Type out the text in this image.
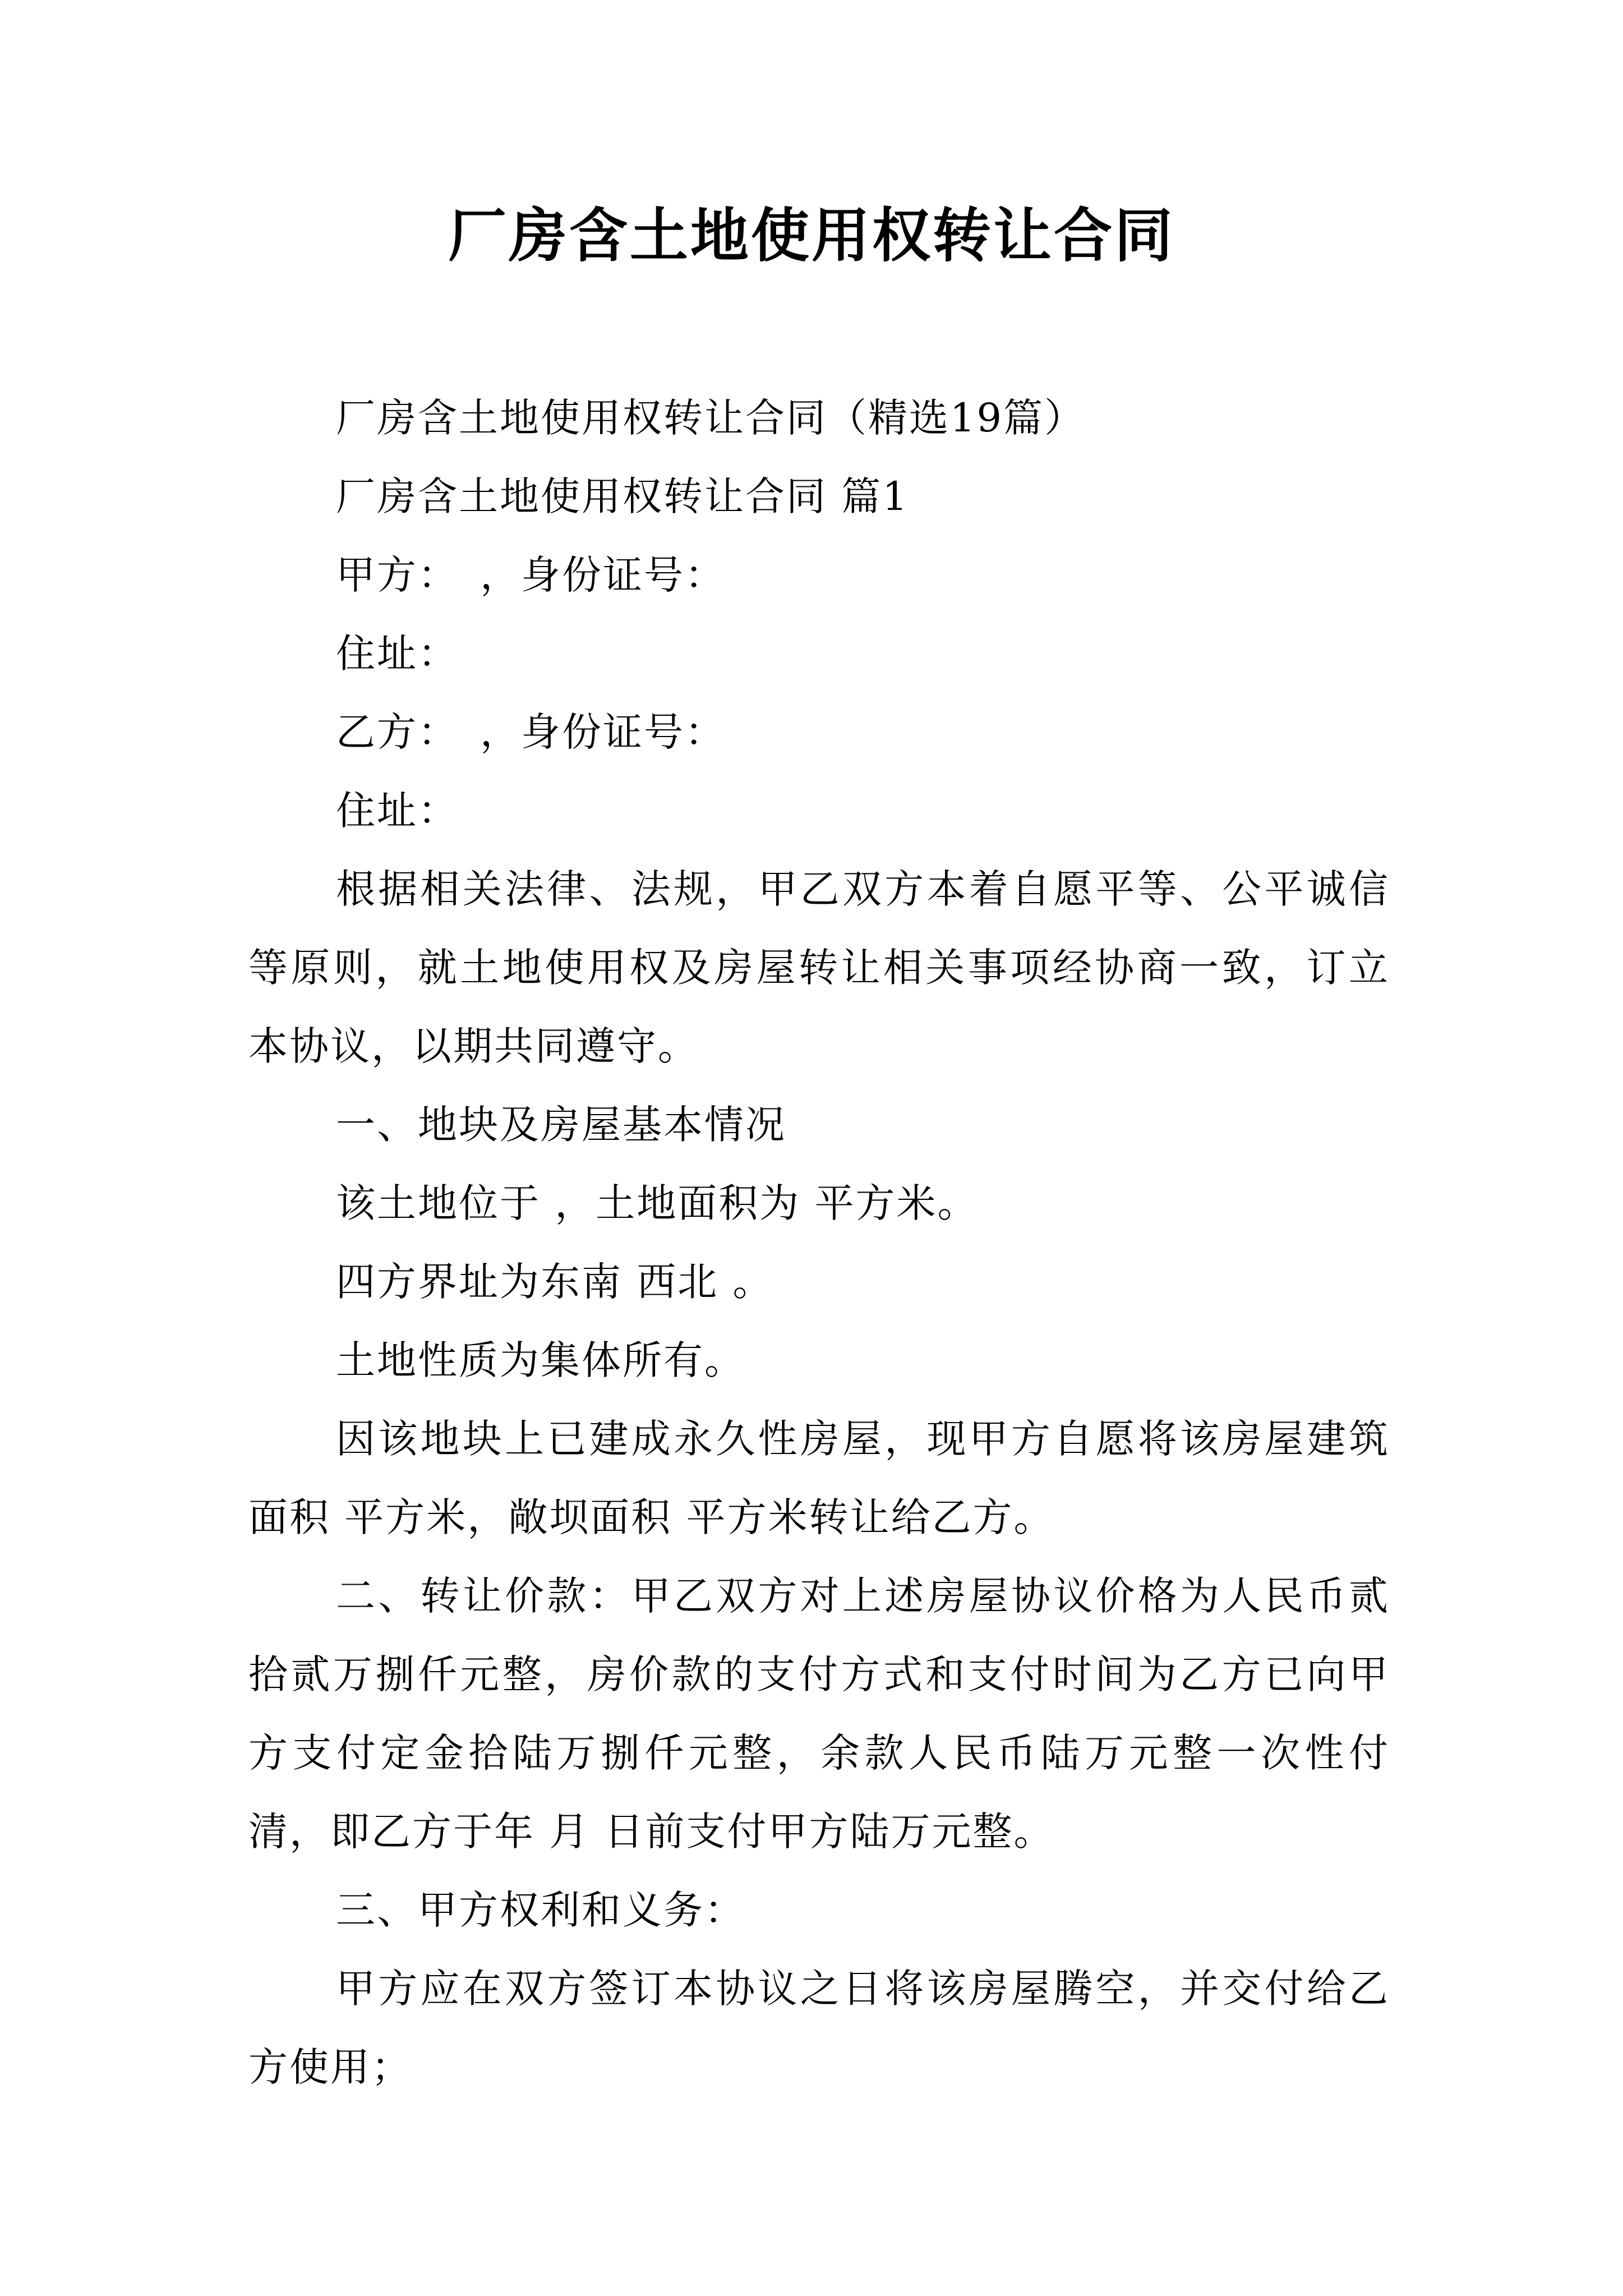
厂房含土地使用权转让合同

厂房含土地使用权转让合同（精选19篇）

厂房含土地使用权转让合同 篇1

甲方：　，身份证号：

住址：

乙方：　，身份证号：

住址：

根据相关法律、法规，甲乙双方本着自愿平等、公平诚信等原则，就土地使用权及房屋转让相关事项经协商一致，订立本协议，以期共同遵守。

一、地块及房屋基本情况

该土地位于 ，土地面积为 平方米。

四方界址为东南 西北 。

土地性质为集体所有。

因该地块上已建成永久性房屋，现甲方自愿将该房屋建筑面积 平方米，敞坝面积 平方米转让给乙方。

二、转让价款：甲乙双方对上述房屋协议价格为人民币贰拾贰万捌仟元整，房价款的支付方式和支付时间为乙方已向甲方支付定金拾陆万捌仟元整，余款人民币陆万元整一次性付清，即乙方于年 月 日前支付甲方陆万元整。

三、甲方权利和义务：

甲方应在双方签订本协议之日将该房屋腾空，并交付给乙方使用；
